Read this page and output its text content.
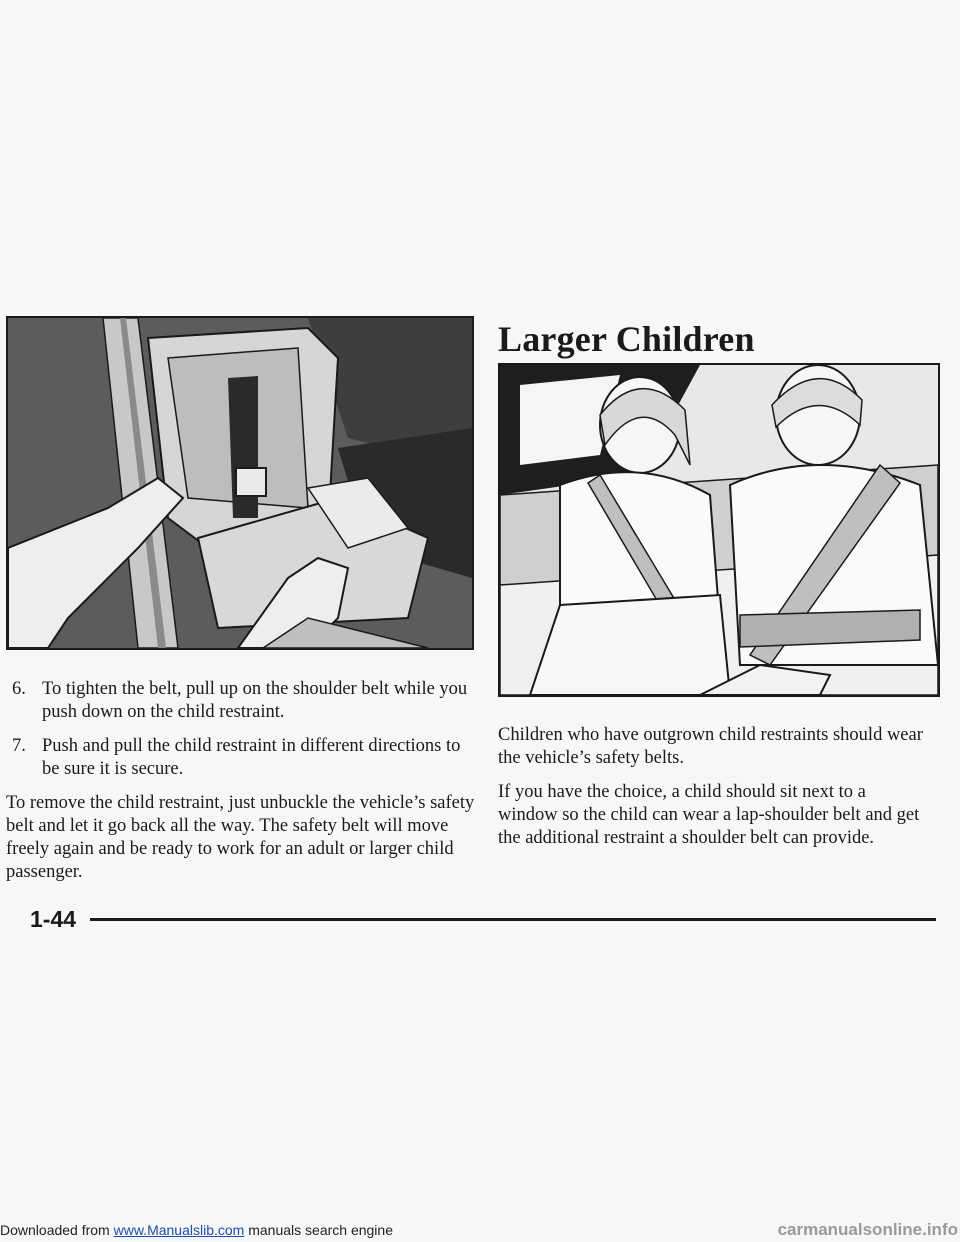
Larger Children
6. To tighten the belt, pull up on the shoulder belt while you push down on the child restraint.
7. Push and pull the child restraint in different directions to be sure it is secure.

To remove the child restraint, just unbuckle the vehicle’s safety belt and let it go back all the way. The safety belt will move freely again and be ready to work for an adult or larger child passenger.

Children who have outgrown child restraints should wear the vehicle’s safety belts.

If you have the choice, a child should sit next to a window so the child can wear a lap-shoulder belt and get the additional restraint a shoulder belt can provide.

1-44
Downloaded from www.Manualslib.com manuals search engine	carmanualsonline.info
